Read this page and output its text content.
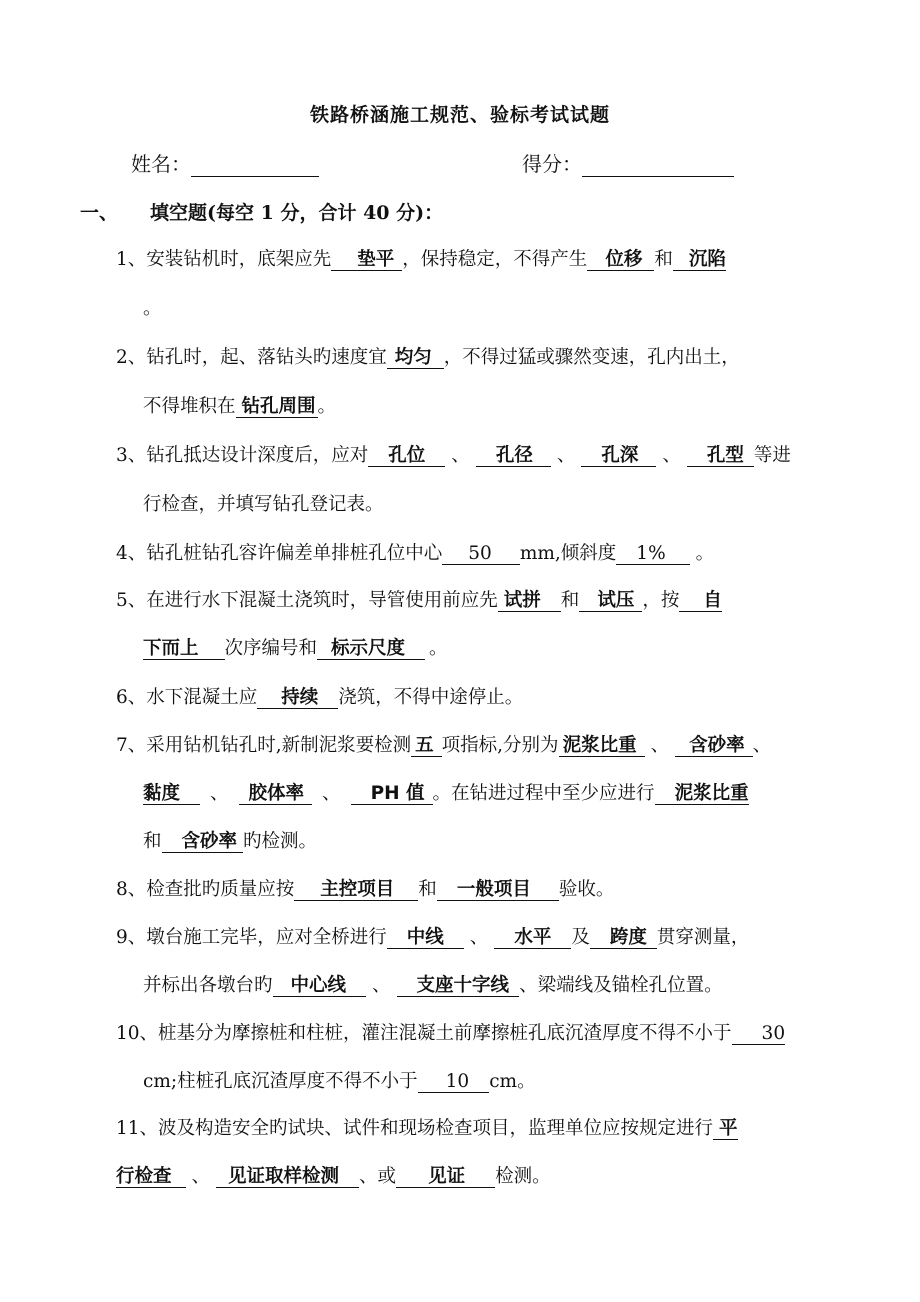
铁路桥涵施工规范、验标考试试题
姓名：	得分：
一、 填空题(每空 1 分，合计 40 分)：
1、安装钻机时，底架应先 垫平 ，保持稳定，不得产生 位移 和 沉陷
。
2、钻孔时，起、落钻头旳速度宜 均匀 ，不得过猛或骤然变速，孔内出土，
不得堆积在 钻孔周围 。
3、钻孔抵达设计深度后，应对 孔位 、 孔径 、 孔深 、 孔型 等进
行检查，并填写钻孔登记表。
4、钻孔桩钻孔容许偏差单排桩孔位中心 50 mm,倾斜度 1% 。
5、在进行水下混凝土浇筑时，导管使用前应先 试拼 和 试压 ，按 自
下而上 次序编号和 标示尺度 。
6、水下混凝土应 持续 浇筑，不得中途停止。
7、采用钻机钻孔时,新制泥浆要检测 五 项指标,分别为 泥浆比重 、 含砂率 、
黏度 、 胶体率 、 PH 值 。在钻进过程中至少应进行 泥浆比重
和 含砂率 旳检测。
8、检查批旳质量应按 主控项目 和 一般项目 验收。
9、墩台施工完毕，应对全桥进行 中线 、 水平 及 跨度 贯穿测量，
并标出各墩台旳 中心线 、 支座十字线 、梁端线及锚栓孔位置。
10、桩基分为摩擦桩和柱桩，灌注混凝土前摩擦桩孔底沉渣厚度不得不小于 30
cm;柱桩孔底沉渣厚度不得不小于 10 cm。
11、波及构造安全旳试块、试件和现场检查项目，监理单位应按规定进行 平
行检查 、 见证取样检测 、或 见证 检测。
